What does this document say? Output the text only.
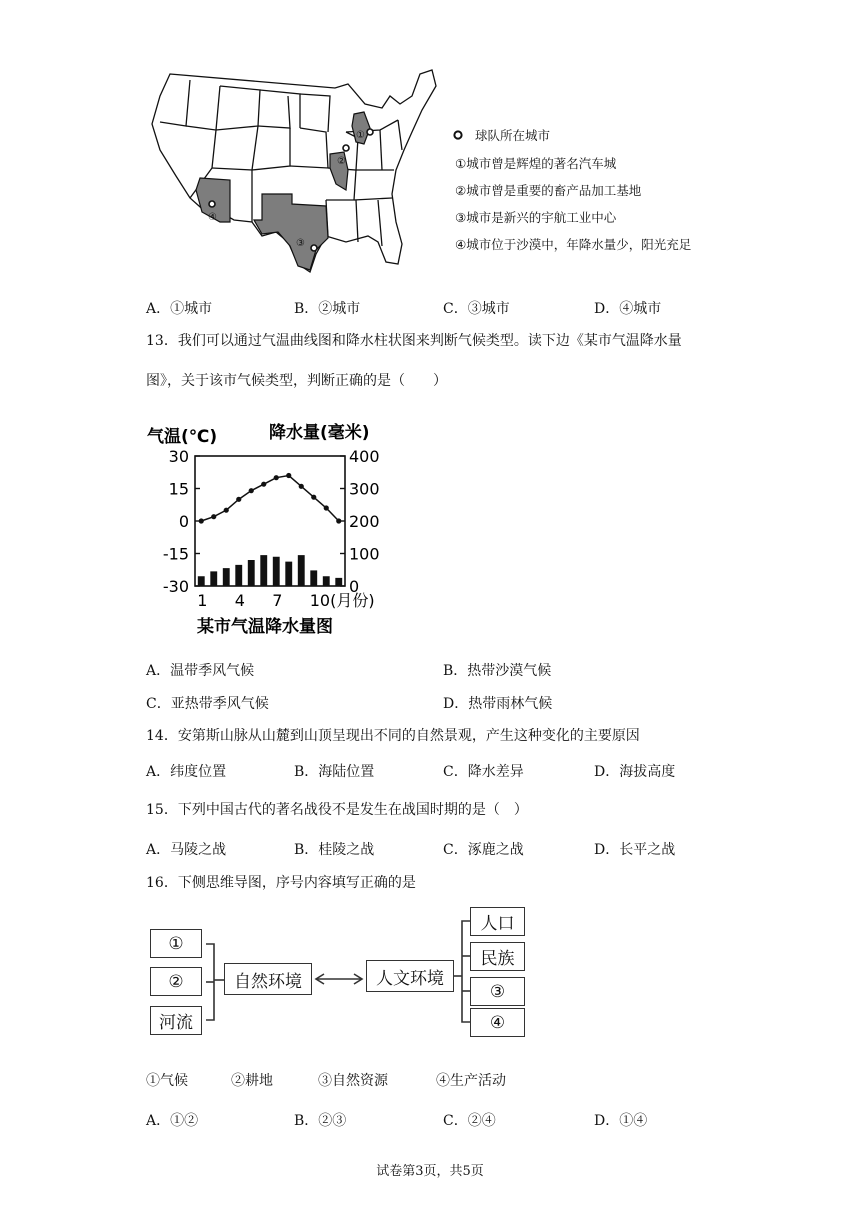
①
②
④
③
球队所在城市
①城市曾是辉煌的著名汽车城
②城市曾是重要的畜产品加工基地
③城市是新兴的宇航工业中心
④城市位于沙漠中，年降水量少，阳光充足
A．①城市	B．②城市	C．③城市	D．④城市
13．我们可以通过气温曲线图和降水柱状图来判断气候类型。读下边《某市气温降水量
图》，关于该市气候类型，判断正确的是（　　）
气温(℃)	降水量(毫米)
某市气温降水量图
30
15
0
-15
-30
400
300
200
100
0
1 4 7 10(月份)
A．温带季风气候	B．热带沙漠气候
C．亚热带季风气候	D．热带雨林气候
14．安第斯山脉从山麓到山顶呈现出不同的自然景观，产生这种变化的主要原因
A．纬度位置	B．海陆位置	C．降水差异	D．海拔高度
15．下列中国古代的著名战役不是发生在战国时期的是（　）
A．马陵之战	B．桂陵之战	C．涿鹿之战	D．长平之战
16．下侧思维导图，序号内容填写正确的是
①
②
河流
自然环境	人文环境
人口
民族
③
④
①气候	②耕地	③自然资源	④生产活动
A．①②	B．②③	C．②④	D．①④
试卷第3页，共5页
